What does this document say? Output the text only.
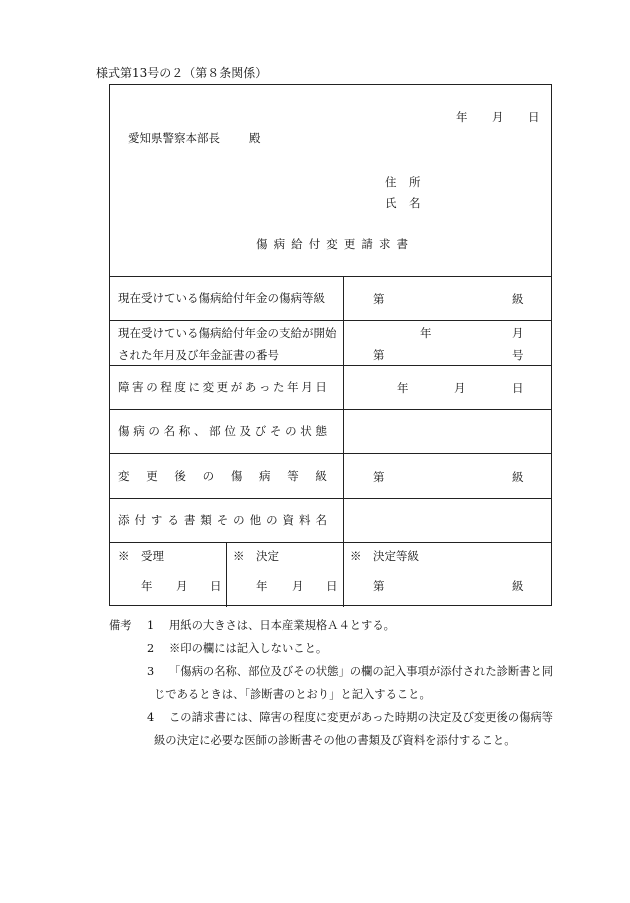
様式第13号の２（第８条関係）
年 月 日
愛知県警察本部長	殿
住 所
氏 名
傷 病 給 付 変 更 請 求 書
現在受けている傷病給付年金の傷病等級	第	級
現在受けている傷病給付年金の支給が開始
された年月及び年金証書の番号
年	月
第	号
障 害 の 程 度 に 変 更 が あ っ た 年 月 日	年	月	日
傷 病 の 名 称 、 部 位 及 び そ の 状 態
変 更 後 の 傷 病 等 級	第	級
添 付 す る 書 類 そ の 他 の 資 料 名
※　受理
年 月 日
※　決定
年 月 日
※　決定等級
第	級
備考 1 用紙の大きさは、日本産業規格Ａ４とする。
2 ※印の欄には記入しないこと。
3 「傷病の名称、部位及びその状態」の欄の記入事項が添付された診断書と同
じであるときは、「診断書のとおり」と記入すること。
4 この請求書には、障害の程度に変更があった時期の決定及び変更後の傷病等
級の決定に必要な医師の診断書その他の書類及び資料を添付すること。
